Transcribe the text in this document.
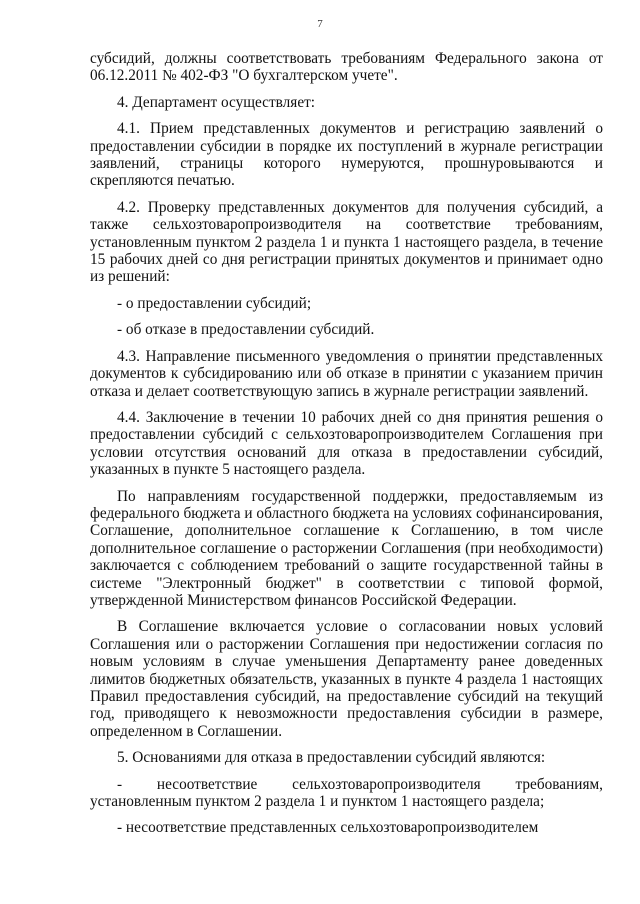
7

субсидий, должны соответствовать требованиям Федерального закона от 06.12.2011 № 402-ФЗ "О бухгалтерском учете".

4. Департамент осуществляет:

4.1. Прием представленных документов и регистрацию заявлений о предоставлении субсидии в порядке их поступлений в журнале регистрации заявлений, страницы которого нумеруются, прошнуровываются и скрепляются печатью.

4.2. Проверку представленных документов для получения субсидий, а также сельхозтоваропроизводителя на соответствие требованиям, установленным пунктом 2 раздела 1 и пункта 1 настоящего раздела, в течение 15 рабочих дней со дня регистрации принятых документов и принимает одно из решений:

- о предоставлении субсидий;

- об отказе в предоставлении субсидий.

4.3. Направление письменного уведомления о принятии представленных документов к субсидированию или об отказе в принятии с указанием причин отказа и делает соответствующую запись в журнале регистрации заявлений.

4.4. Заключение в течении 10 рабочих дней со дня принятия решения о предоставлении субсидий с сельхозтоваропроизводителем Соглашения при условии отсутствия оснований для отказа в предоставлении субсидий, указанных в пункте 5 настоящего раздела.

По направлениям государственной поддержки, предоставляемым из федерального бюджета и областного бюджета на условиях софинансирования, Соглашение, дополнительное соглашение к Соглашению, в том числе дополнительное соглашение о расторжении Соглашения (при необходимости) заключается с соблюдением требований о защите государственной тайны в системе "Электронный бюджет" в соответствии с типовой формой, утвержденной Министерством финансов Российской Федерации.

В Соглашение включается условие о согласовании новых условий Соглашения или о расторжении Соглашения при недостижении согласия по новым условиям в случае уменьшения Департаменту ранее доведенных лимитов бюджетных обязательств, указанных в пункте 4 раздела 1 настоящих Правил предоставления субсидий, на предоставление субсидий на текущий год, приводящего к невозможности предоставления субсидии в размере, определенном в Соглашении.

5. Основаниями для отказа в предоставлении субсидий являются:

- несоответствие сельхозтоваропроизводителя требованиям, установленным пунктом 2 раздела 1 и пунктом 1 настоящего раздела;

- несоответствие представленных сельхозтоваропроизводителем
